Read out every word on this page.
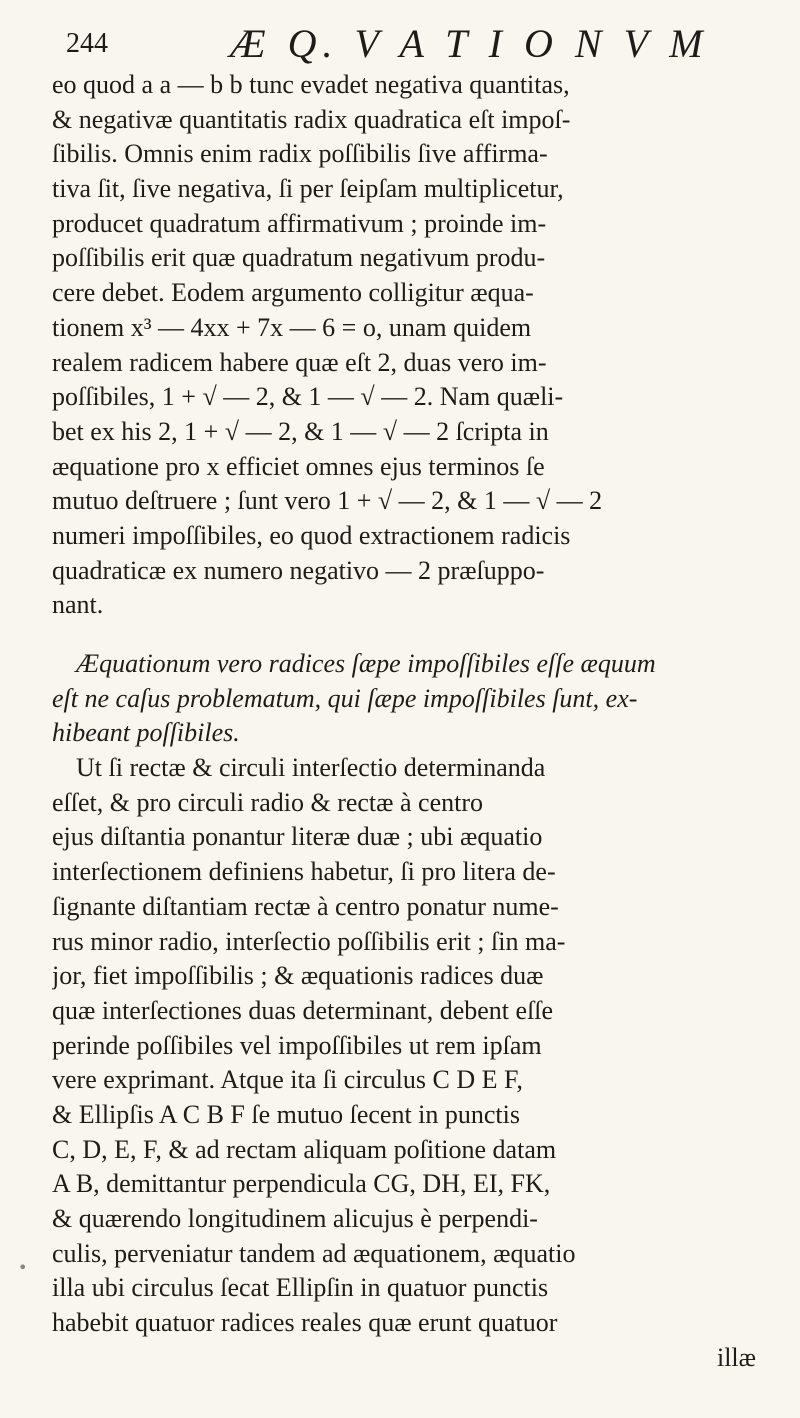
244	Æ Q. V A T I O N V M
eo quod a a — b b tunc evadet negativa quantitas,
& negativæ quantitatis radix quadratica eſt impoſ-
ſibilis. Omnis enim radix poſſibilis ſive affirma-
tiva ſit, ſive negativa, ſi per ſeipſam multiplicetur,
producet quadratum affirmativum ; proinde im-
poſſibilis erit quæ quadratum negativum produ-
cere debet. Eodem argumento colligitur æqua-
tionem x³ — 4xx + 7x — 6 = o, unam quidem
realem radicem habere quæ eſt 2, duas vero im-
poſſibiles, 1 + √ — 2, & 1 — √ — 2. Nam quæli-
bet ex his 2, 1 + √ — 2, & 1 — √ — 2 ſcripta in
æquatione pro x efficiet omnes ejus terminos ſe
mutuo deſtruere ; ſunt vero 1 + √ — 2, & 1 — √ — 2
numeri impoſſibiles, eo quod extractionem radicis
quadraticæ ex numero negativo — 2 præſuppo-
nant.
Æquationum vero radices ſæpe impoſſibiles eſſe æquum
eſt ne caſus problematum, qui ſæpe impoſſibiles ſunt, ex-
hibeant poſſibiles.
Ut ſi rectæ & circuli interſectio determinanda
eſſet, & pro circuli radio & rectæ à centro
ejus diſtantia ponantur literæ duæ ; ubi æquatio
interſectionem definiens habetur, ſi pro litera de-
ſignante diſtantiam rectæ à centro ponatur nume-
rus minor radio, interſectio poſſibilis erit ; ſin ma-
jor, fiet impoſſibilis ; & æquationis radices duæ
quæ interſectiones duas determinant, debent eſſe
perinde poſſibiles vel impoſſibiles ut rem ipſam
vere exprimant. Atque ita ſi circulus C D E F,
& Ellipſis A C B F ſe mutuo ſecent in punctis
C, D, E, F, & ad rectam aliquam poſitione datam
A B, demittantur perpendicula CG, DH, EI, FK,
& quærendo longitudinem alicujus è perpendi-
culis, perveniatur tandem ad æquationem, æquatio
illa ubi circulus ſecat Ellipſin in quatuor punctis
habebit quatuor radices reales quæ erunt quatuor
illæ
•
